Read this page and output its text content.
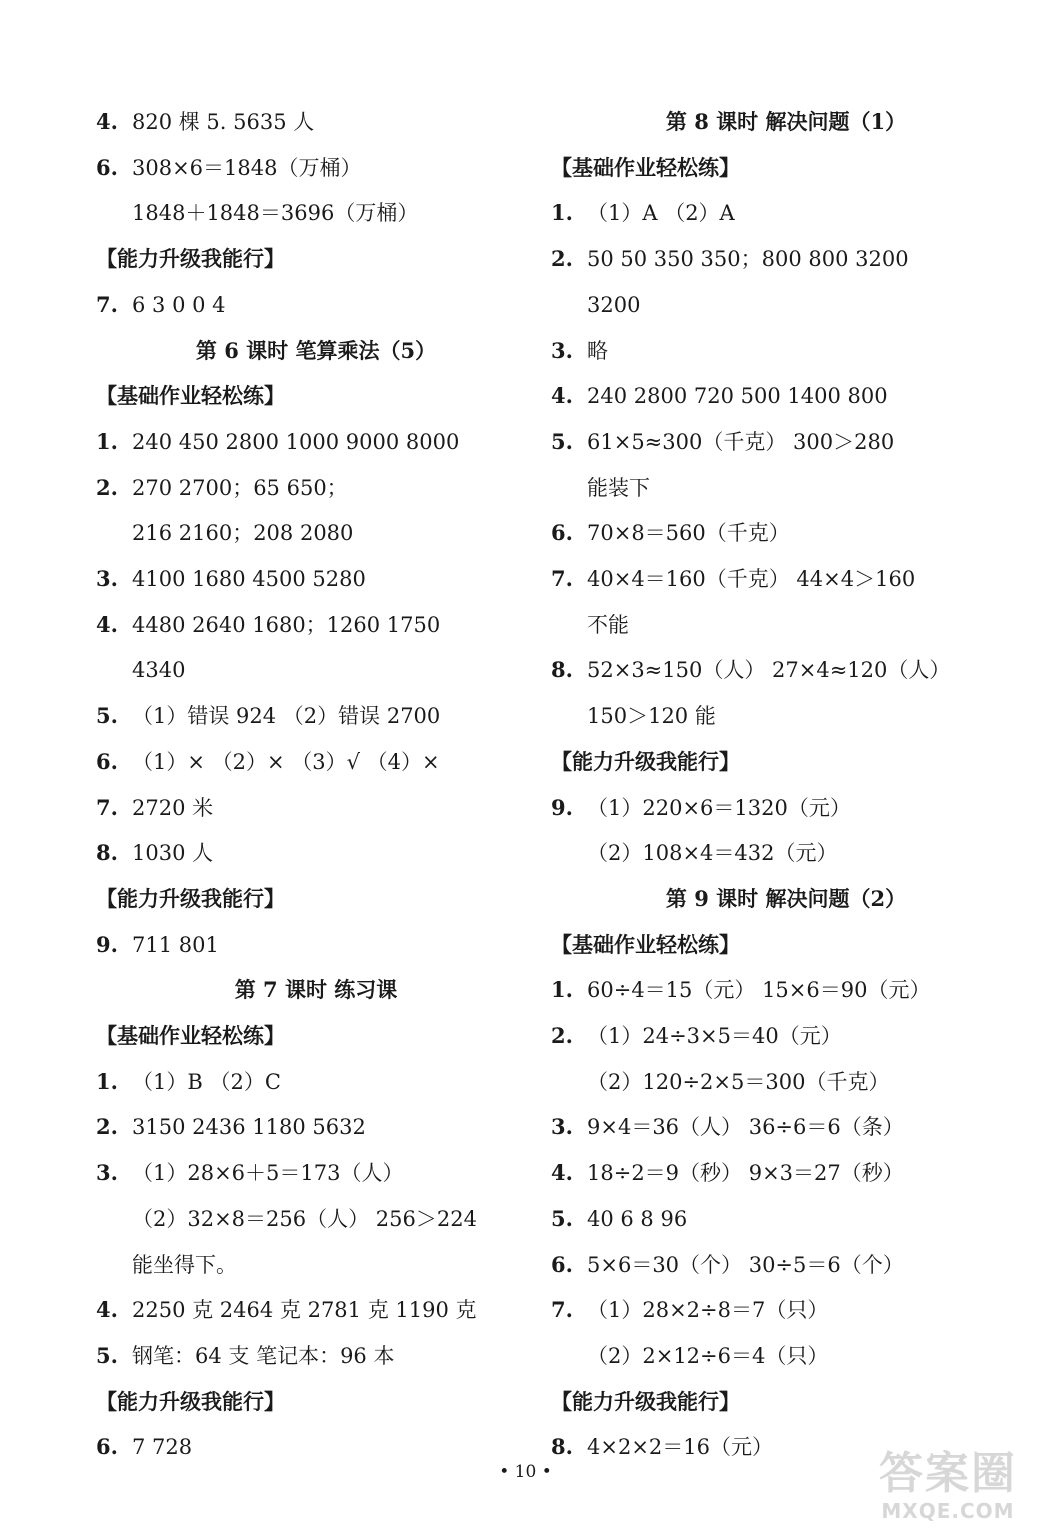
4. 820 棵 5. 5635 人
6. 308×6＝1848（万桶）
1848＋1848＝3696（万桶）
【能力升级我能行】
7. 6 3 0 0 4
第 6 课时 笔算乘法（5）
【基础作业轻松练】
1. 240 450 2800 1000 9000 8000
2. 270 2700；65 650；
216 2160；208 2080
3. 4100 1680 4500 5280
4. 4480 2640 1680；1260 1750
4340
5. （1）错误 924 （2）错误 2700
6. （1）× （2）× （3）√ （4）×
7. 2720 米
8. 1030 人
【能力升级我能行】
9. 711 801
第 7 课时 练习课
【基础作业轻松练】
1. （1）B （2）C
2. 3150 2436 1180 5632
3. （1）28×6＋5＝173（人）
（2）32×8＝256（人） 256＞224
能坐得下。
4. 2250 克 2464 克 2781 克 1190 克
5. 钢笔：64 支 笔记本：96 本
【能力升级我能行】
6. 7 728
第 8 课时 解决问题（1）
【基础作业轻松练】
1. （1）A （2）A
2. 50 50 350 350；800 800 3200
3200
3. 略
4. 240 2800 720 500 1400 800
5. 61×5≈300（千克） 300＞280
能装下
6. 70×8＝560（千克）
7. 40×4＝160（千克） 44×4＞160
不能
8. 52×3≈150（人） 27×4≈120（人）
150＞120 能
【能力升级我能行】
9. （1）220×6＝1320（元）
（2）108×4＝432（元）
第 9 课时 解决问题（2）
【基础作业轻松练】
1. 60÷4＝15（元） 15×6＝90（元）
2. （1）24÷3×5＝40（元）
（2）120÷2×5＝300（千克）
3. 9×4＝36（人） 36÷6＝6（条）
4. 18÷2＝9（秒） 9×3＝27（秒）
5. 40 6 8 96
6. 5×6＝30（个） 30÷5＝6（个）
7. （1）28×2÷8＝7（只）
（2）2×12÷6＝4（只）
【能力升级我能行】
8. 4×2×2＝16（元）
• 10 •	答案圈
MXQE.COM
